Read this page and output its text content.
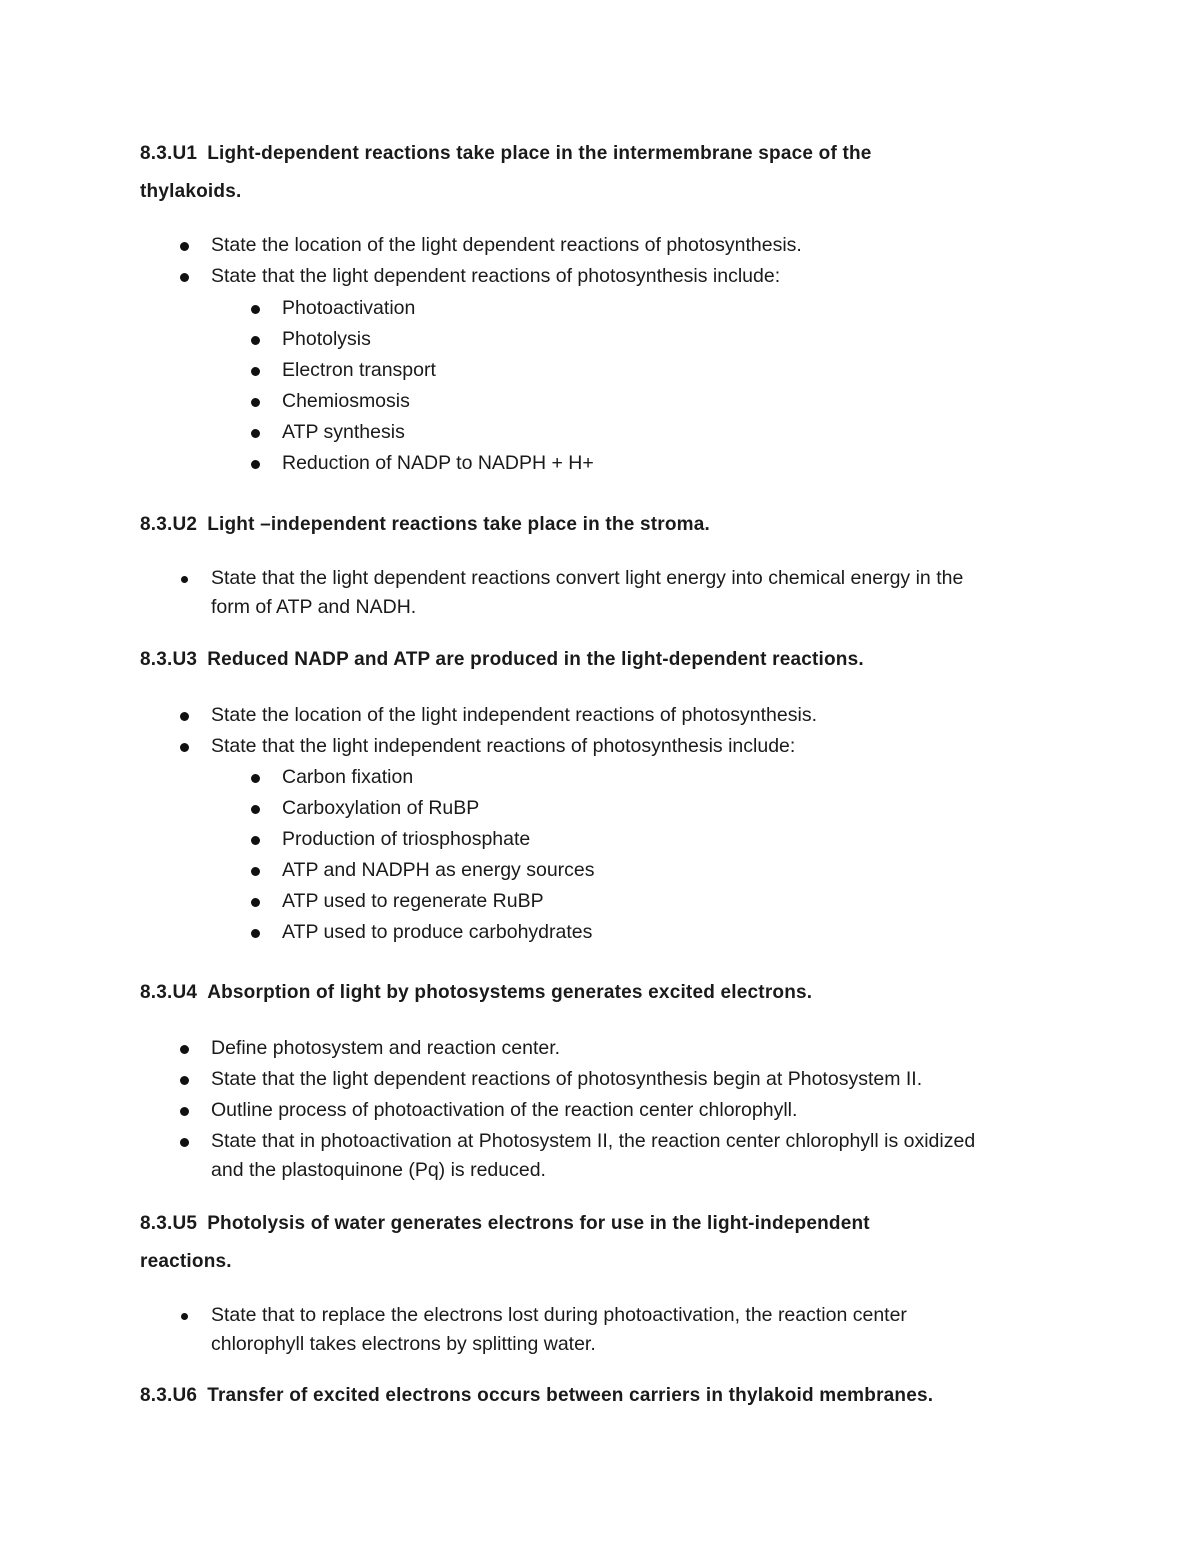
8.3.U1 Light-dependent reactions take place in the intermembrane space of the
thylakoids.
State the location of the light dependent reactions of photosynthesis.
State that the light dependent reactions of photosynthesis include:
Photoactivation
Photolysis
Electron transport
Chemiosmosis
ATP synthesis
Reduction of NADP to NADPH + H+
8.3.U2 Light –independent reactions take place in the stroma.
State that the light dependent reactions convert light energy into chemical energy in the
form of ATP and NADH.
8.3.U3 Reduced NADP and ATP are produced in the light-dependent reactions.
State the location of the light independent reactions of photosynthesis.
State that the light independent reactions of photosynthesis include:
Carbon fixation
Carboxylation of RuBP
Production of triosphosphate
ATP and NADPH as energy sources
ATP used to regenerate RuBP
ATP used to produce carbohydrates
8.3.U4 Absorption of light by photosystems generates excited electrons.
Define photosystem and reaction center.
State that the light dependent reactions of photosynthesis begin at Photosystem II.
Outline process of photoactivation of the reaction center chlorophyll.
State that in photoactivation at Photosystem II, the reaction center chlorophyll is oxidized
and the plastoquinone (Pq) is reduced.
8.3.U5 Photolysis of water generates electrons for use in the light-independent
reactions.
State that to replace the electrons lost during photoactivation, the reaction center
chlorophyll takes electrons by splitting water.
8.3.U6 Transfer of excited electrons occurs between carriers in thylakoid membranes.
